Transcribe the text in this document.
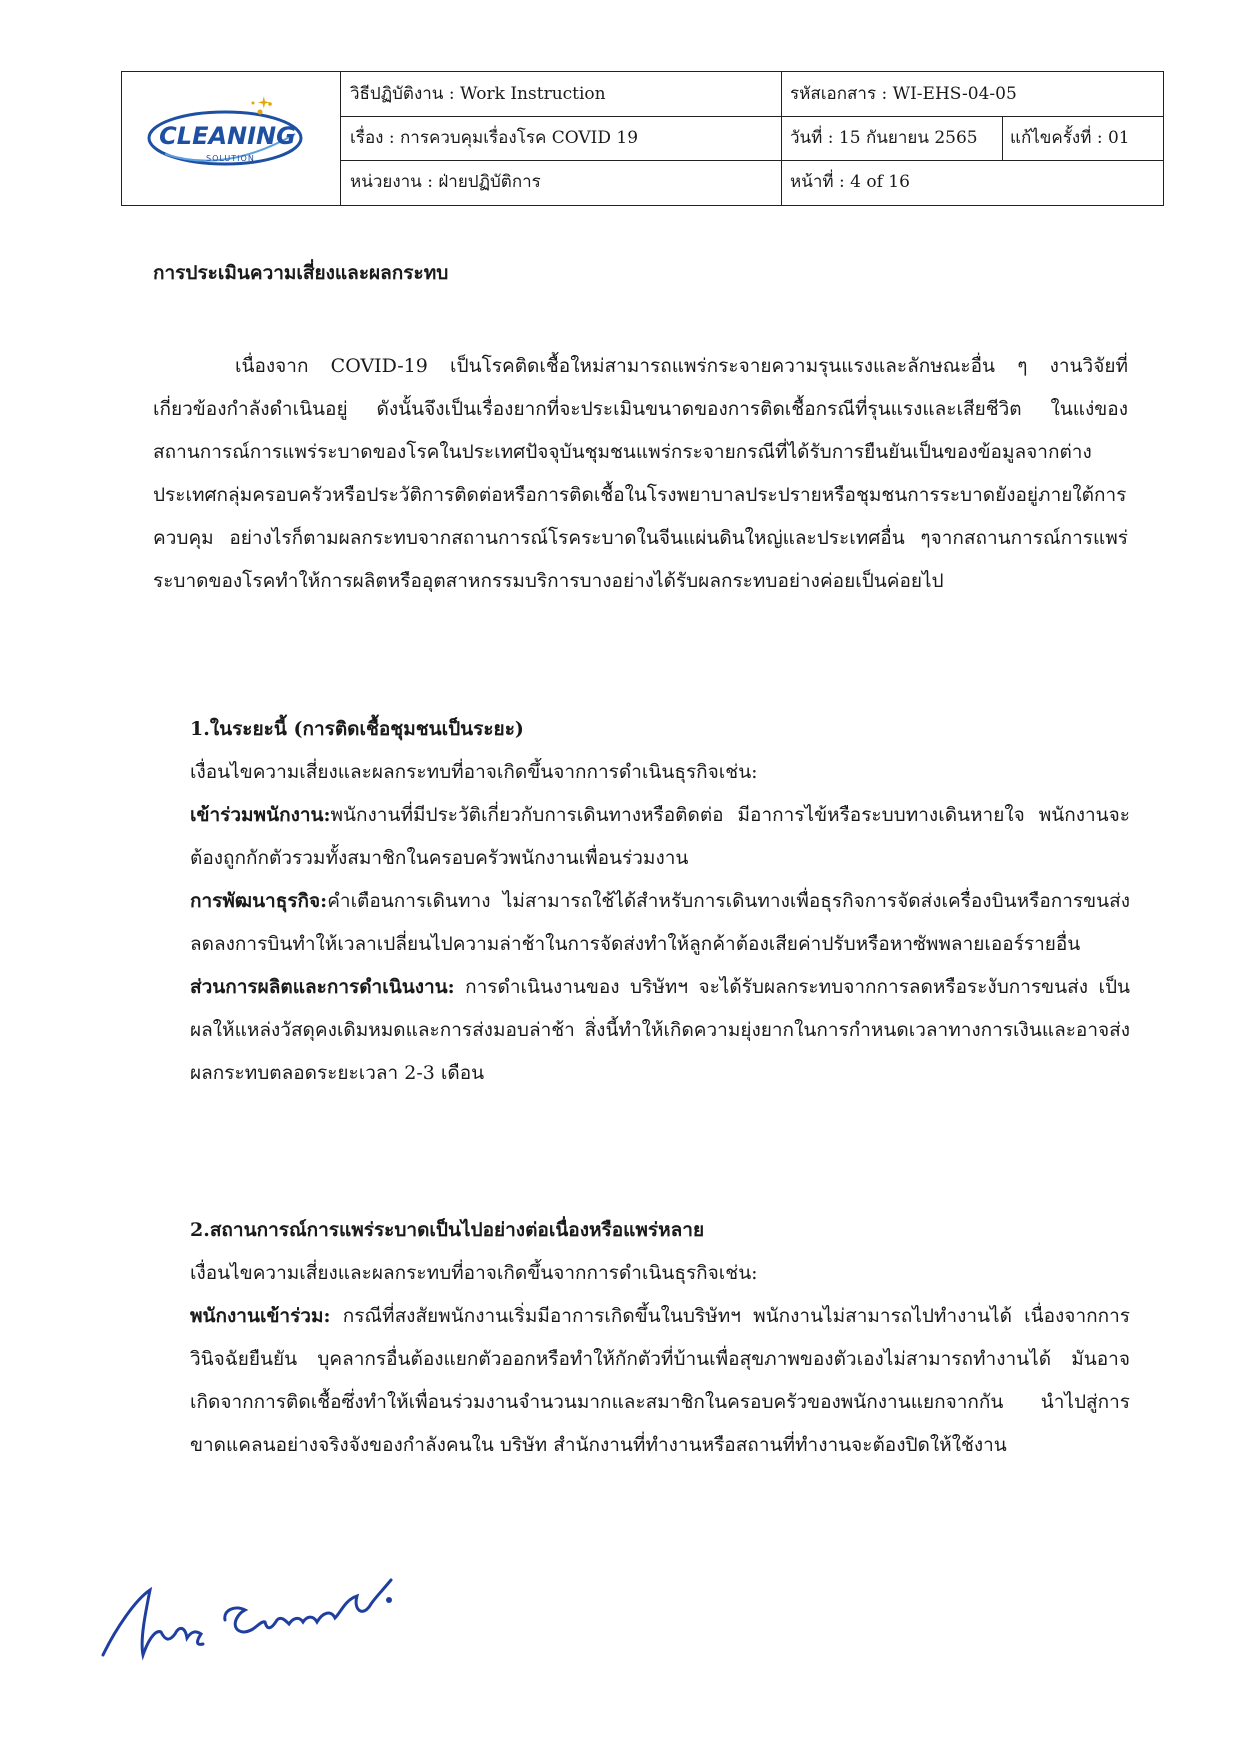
CLEANING
SOLUTION
วิธีปฏิบัติงาน : Work Instruction	รหัสเอกสาร : WI-EHS-04-05
เรื่อง : การควบคุมเรื่องโรค COVID 19	วันที่ : 15 กันยายน 2565	แก้ไขครั้งที่ : 01
หน่วยงาน : ฝ่ายปฏิบัติการ	หน้าที่ : 4 of 16
การประเมินความเสี่ยงและผลกระทบ

เนื่องจาก COVID-19 เป็นโรคติดเชื้อใหม่สามารถแพร่กระจายความรุนแรงและลักษณะอื่น ๆ งานวิจัยที่เกี่ยวข้องกำลังดำเนินอยู่ ดังนั้นจึงเป็นเรื่องยากที่จะประเมินขนาดของการติดเชื้อกรณีที่รุนแรงและเสียชีวิต ในแง่ของสถานการณ์การแพร่ระบาดของโรคในประเทศปัจจุบันชุมชนแพร่กระจายกรณีที่ได้รับการยืนยันเป็นของข้อมูลจากต่างประเทศกลุ่มครอบครัวหรือประวัติการติดต่อหรือการติดเชื้อในโรงพยาบาลประปรายหรือชุมชนการระบาดยังอยู่ภายใต้การควบคุม อย่างไรก็ตามผลกระทบจากสถานการณ์โรคระบาดในจีนแผ่นดินใหญ่และประเทศอื่น ๆจากสถานการณ์การแพร่ระบาดของโรคทำให้การผลิตหรืออุตสาหกรรมบริการบางอย่างได้รับผลกระทบอย่างค่อยเป็นค่อยไป

1.ในระยะนี้ (การติดเชื้อชุมชนเป็นระยะ)
เงื่อนไขความเสี่ยงและผลกระทบที่อาจเกิดขึ้นจากการดำเนินธุรกิจเช่น:

เข้าร่วมพนักงาน:พนักงานที่มีประวัติเกี่ยวกับการเดินทางหรือติดต่อ มีอาการไข้หรือระบบทางเดินหายใจ พนักงานจะต้องถูกกักตัวรวมทั้งสมาชิกในครอบครัวพนักงานเพื่อนร่วมงาน

การพัฒนาธุรกิจ:คำเตือนการเดินทาง ไม่สามารถใช้ได้สำหรับการเดินทางเพื่อธุรกิจการจัดส่งเครื่องบินหรือการขนส่งลดลงการบินทำให้เวลาเปลี่ยนไปความล่าช้าในการจัดส่งทำให้ลูกค้าต้องเสียค่าปรับหรือหาซัพพลายเออร์รายอื่น

ส่วนการผลิตและการดำเนินงาน: การดำเนินงานของ บริษัทฯ จะได้รับผลกระทบจากการลดหรือระงับการขนส่ง เป็นผลให้แหล่งวัสดุคงเดิมหมดและการส่งมอบล่าช้า สิ่งนี้ทำให้เกิดความยุ่งยากในการกำหนดเวลาทางการเงินและอาจส่งผลกระทบตลอดระยะเวลา 2-3 เดือน

2.สถานการณ์การแพร่ระบาดเป็นไปอย่างต่อเนื่องหรือแพร่หลาย
เงื่อนไขความเสี่ยงและผลกระทบที่อาจเกิดขึ้นจากการดำเนินธุรกิจเช่น:

พนักงานเข้าร่วม: กรณีที่สงสัยพนักงานเริ่มมีอาการเกิดขึ้นในบริษัทฯ พนักงานไม่สามารถไปทำงานได้ เนื่องจากการวินิจฉัยยืนยัน บุคลากรอื่นต้องแยกตัวออกหรือทำให้กักตัวที่บ้านเพื่อสุขภาพของตัวเองไม่สามารถทำงานได้ มันอาจเกิดจากการติดเชื้อซึ่งทำให้เพื่อนร่วมงานจำนวนมากและสมาชิกในครอบครัวของพนักงานแยกจากกัน นำไปสู่การขาดแคลนอย่างจริงจังของกำลังคนใน บริษัท สำนักงานที่ทำงานหรือสถานที่ทำงานจะต้องปิดให้ใช้งาน
